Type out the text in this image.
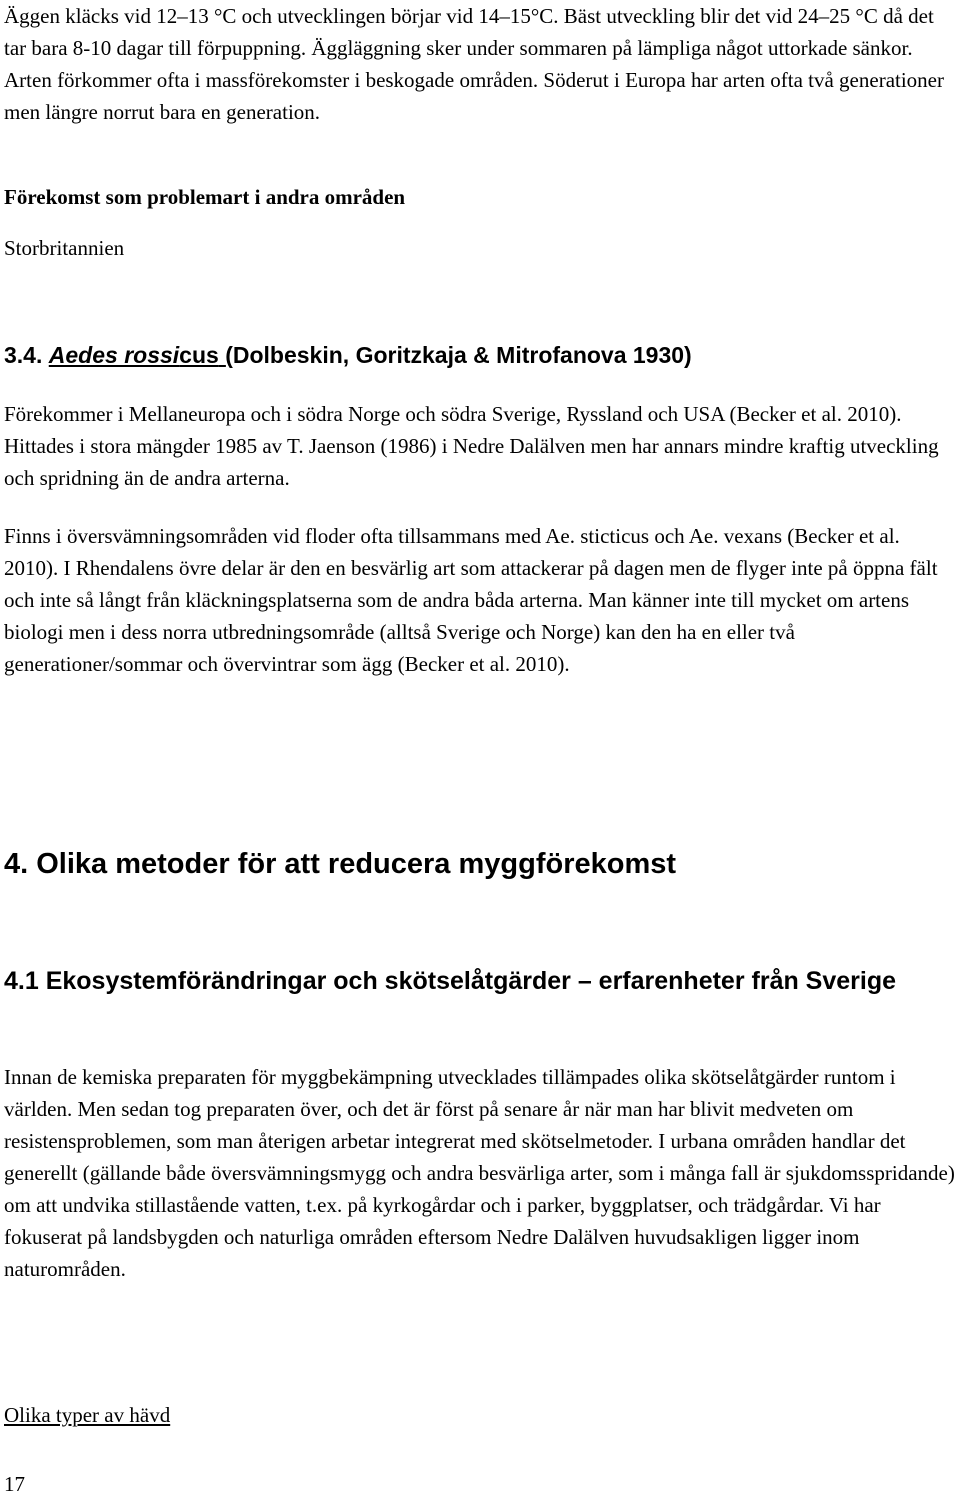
Äggen kläcks vid 12–13 °C och utvecklingen börjar vid 14–15°C. Bäst utveckling blir det vid 24–25 °C då det tar bara 8-10 dagar till förpuppning. Äggläggning sker under sommaren på lämpliga något uttorkade sänkor. Arten förkommer ofta i massförekomster i beskogade områden. Söderut i Europa har arten ofta två generationer men längre norrut bara en generation.

Förekomst som problemart i andra områden

Storbritannien

3.4. Aedes rossicus (Dolbeskin, Goritzkaja & Mitrofanova 1930)

Förekommer i Mellaneuropa och i södra Norge och södra Sverige, Ryssland och USA (Becker et al. 2010). Hittades i stora mängder 1985 av T. Jaenson (1986) i Nedre Dalälven men har annars mindre kraftig utveckling och spridning än de andra arterna.

Finns i översvämningsområden vid floder ofta tillsammans med Ae. sticticus och Ae. vexans (Becker et al. 2010). I Rhendalens övre delar är den en besvärlig art som attackerar på dagen men de flyger inte på öppna fält och inte så långt från kläckningsplatserna som de andra båda arterna. Man känner inte till mycket om artens biologi men i dess norra utbredningsområde (alltså Sverige och Norge) kan den ha en eller två generationer/sommar och övervintrar som ägg (Becker et al. 2010).

4. Olika metoder för att reducera myggförekomst
4.1 Ekosystemförändringar och skötselåtgärder – erfarenheter från Sverige

Innan de kemiska preparaten för myggbekämpning utvecklades tillämpades olika skötselåtgärder runtom i världen. Men sedan tog preparaten över, och det är först på senare år när man har blivit medveten om resistensproblemen, som man återigen arbetar integrerat med skötselmetoder. I urbana områden handlar det generellt (gällande både översvämningsmygg och andra besvärliga arter, som i många fall är sjukdomsspridande) om att undvika stillastående vatten, t.ex. på kyrkogårdar och i parker, byggplatser, och trädgårdar. Vi har fokuserat på landsbygden och naturliga områden eftersom Nedre Dalälven huvudsakligen ligger inom naturområden.

Olika typer av hävd

17
